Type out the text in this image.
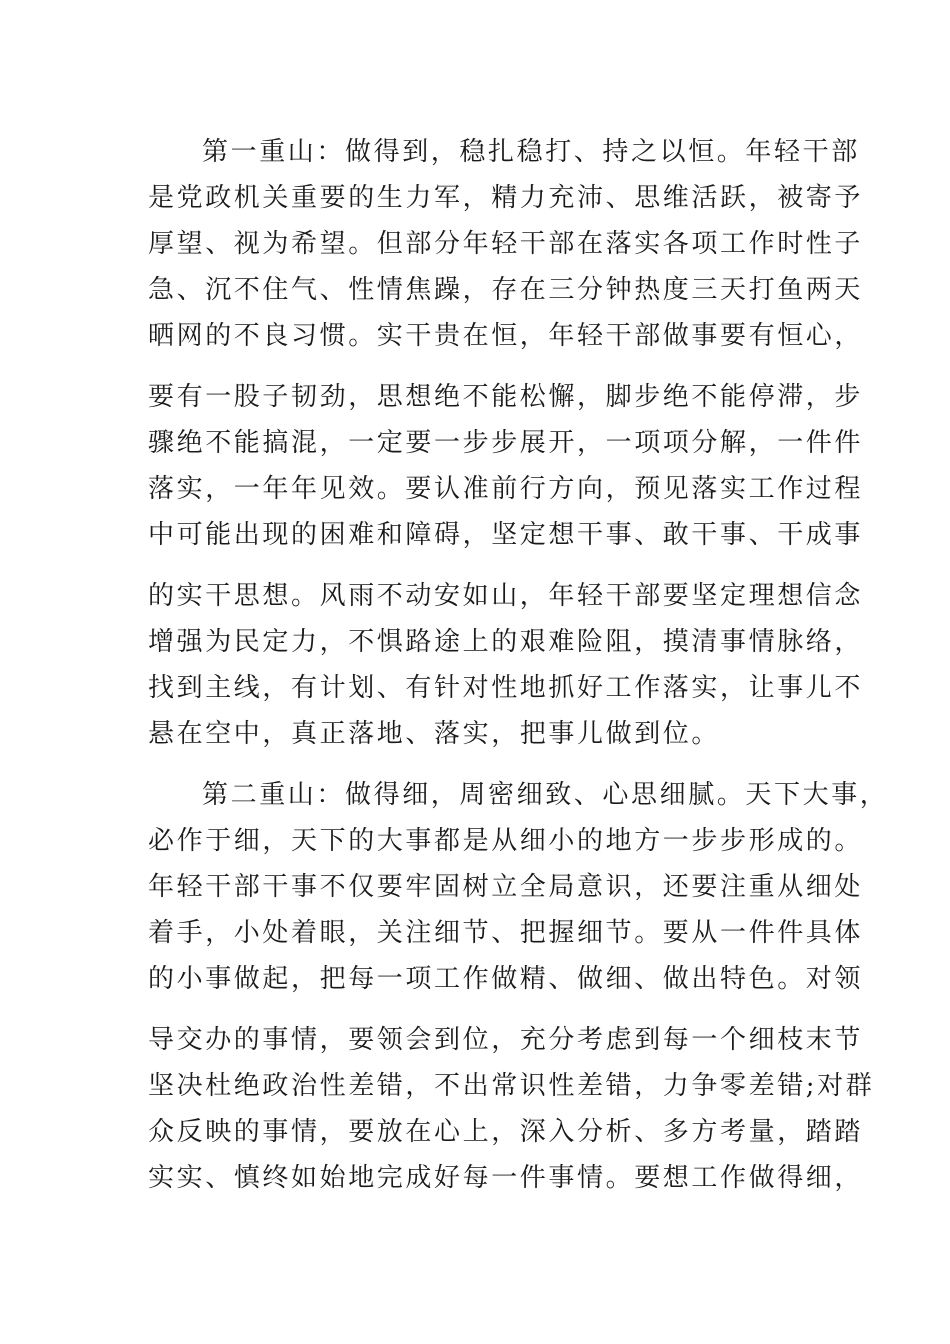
第一重山：做得到，稳扎稳打、持之以恒。年轻干部
是党政机关重要的生力军，精力充沛、思维活跃，被寄予
厚望、视为希望。但部分年轻干部在落实各项工作时性子
急、沉不住气、性情焦躁，存在三分钟热度三天打鱼两天
晒网的不良习惯。实干贵在恒，年轻干部做事要有恒心，
要有一股子韧劲，思想绝不能松懈，脚步绝不能停滞，步
骤绝不能搞混，一定要一步步展开，一项项分解，一件件
落实，一年年见效。要认准前行方向，预见落实工作过程
中可能出现的困难和障碍，坚定想干事、敢干事、干成事
的实干思想。风雨不动安如山，年轻干部要坚定理想信念
增强为民定力，不惧路途上的艰难险阻，摸清事情脉络，
找到主线，有计划、有针对性地抓好工作落实，让事儿不
悬在空中，真正落地、落实，把事儿做到位。
第二重山：做得细，周密细致、心思细腻。天下大事，
必作于细，天下的大事都是从细小的地方一步步形成的。
年轻干部干事不仅要牢固树立全局意识，还要注重从细处
着手，小处着眼，关注细节、把握细节。要从一件件具体
的小事做起，把每一项工作做精、做细、做出特色。对领
导交办的事情，要领会到位，充分考虑到每一个细枝末节
坚决杜绝政治性差错，不出常识性差错，力争零差错;对群
众反映的事情，要放在心上，深入分析、多方考量，踏踏
实实、慎终如始地完成好每一件事情。要想工作做得细，
